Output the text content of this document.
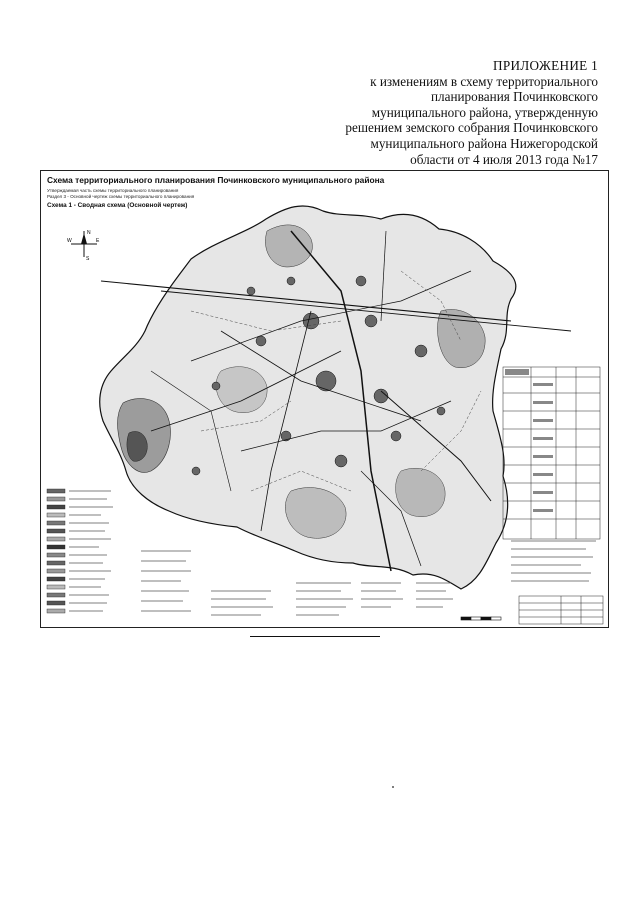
ПРИЛОЖЕНИЕ 1
к изменениям в схему территориального
планирования Починковского
муниципального района, утвержденную
решением земского собрания Починковского
муниципального района Нижегородской
области от 4 июля 2013 года №17
Схема территориального планирования Починковского муниципального района
Утверждаемая часть схемы территориального планирования
Раздел 3 - Основной чертеж схемы территориального планирования
Схема 1 - Сводная схема (Основной чертеж)
N
S
W	E
